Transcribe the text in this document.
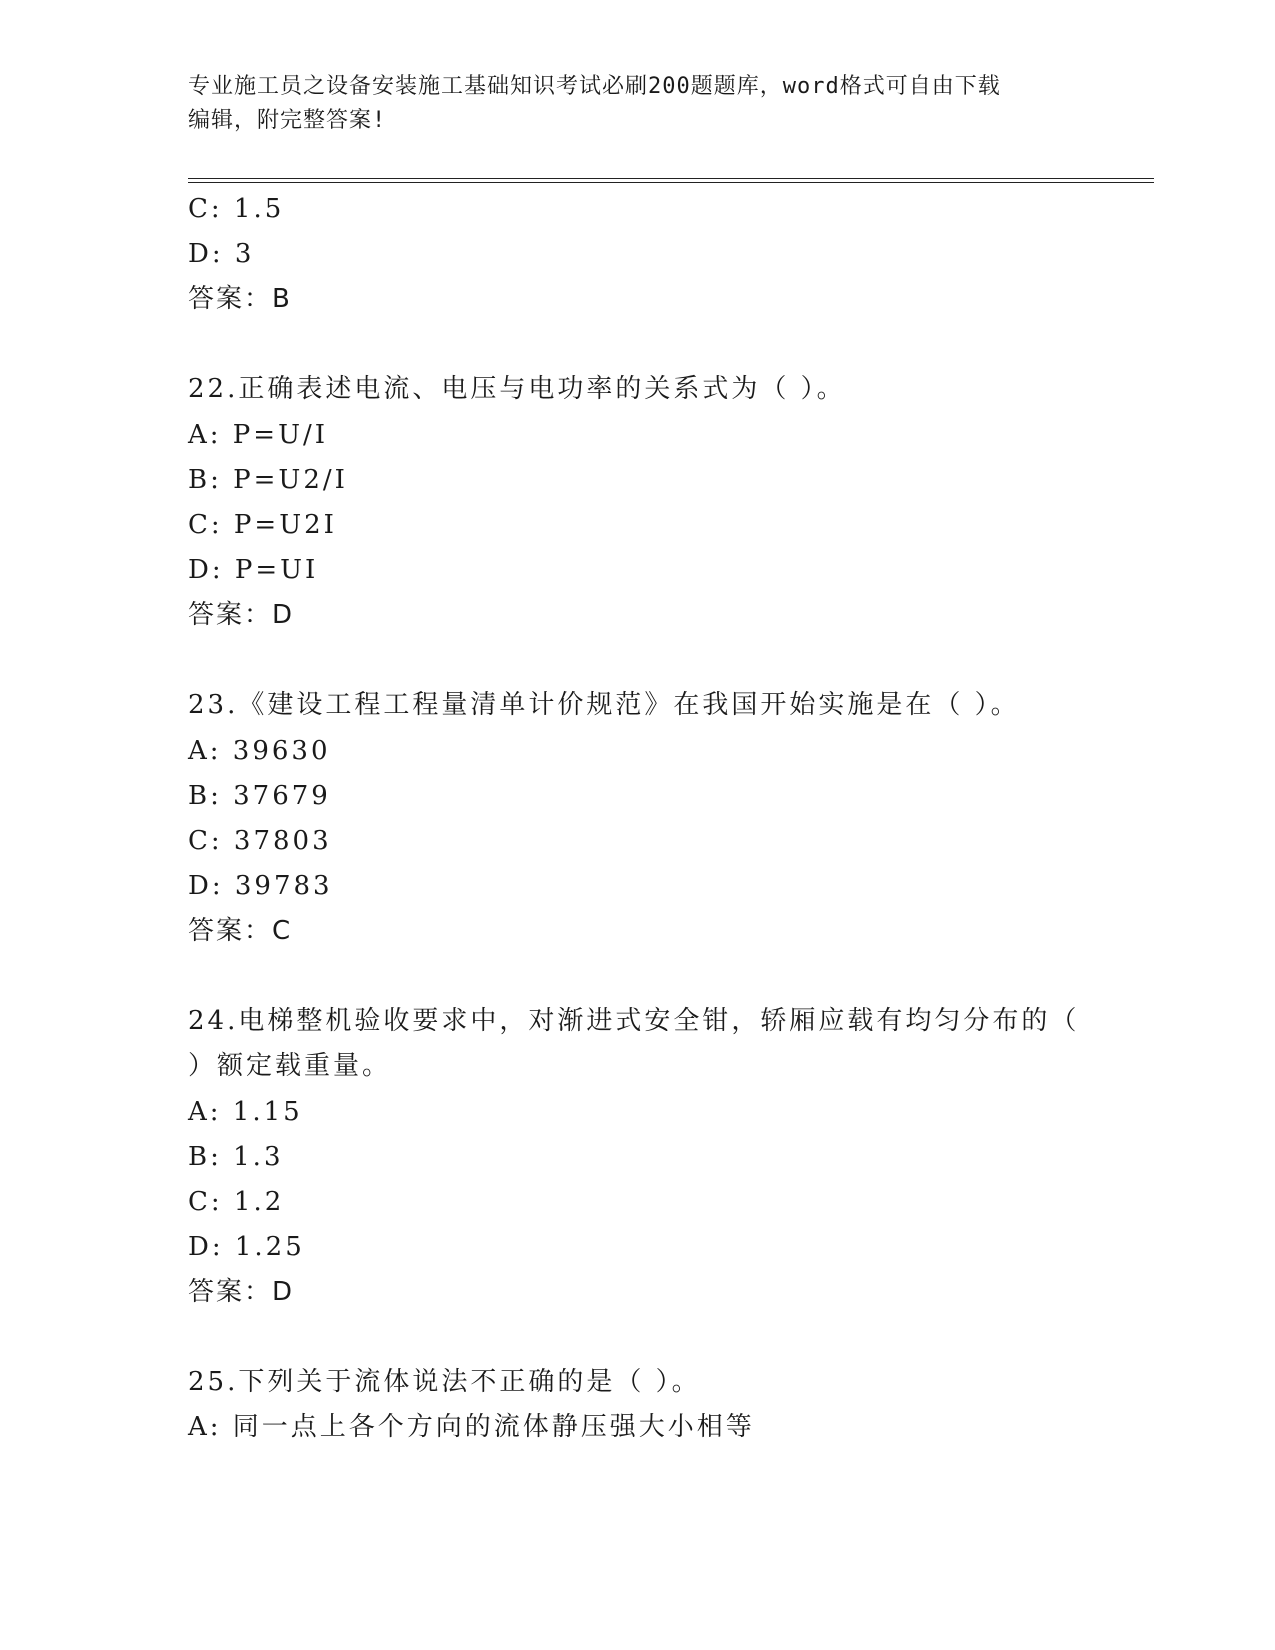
专业施工员之设备安装施工基础知识考试必刷200题题库，word格式可自由下载
编辑，附完整答案!
C: 1.5
D: 3
答案：B
22.正确表述电流、电压与电功率的关系式为（ ）。
A: P=U/I
B: P=U2/I
C: P=U2I
D: P=UI
答案：D
23.《建设工程工程量清单计价规范》在我国开始实施是在（ ）。
A: 39630
B: 37679
C: 37803
D: 39783
答案：C
24.电梯整机验收要求中，对渐进式安全钳，轿厢应载有均匀分布的（
）额定载重量。
A: 1.15
B: 1.3
C: 1.2
D: 1.25
答案：D
25.下列关于流体说法不正确的是（ ）。
A: 同一点上各个方向的流体静压强大小相等
